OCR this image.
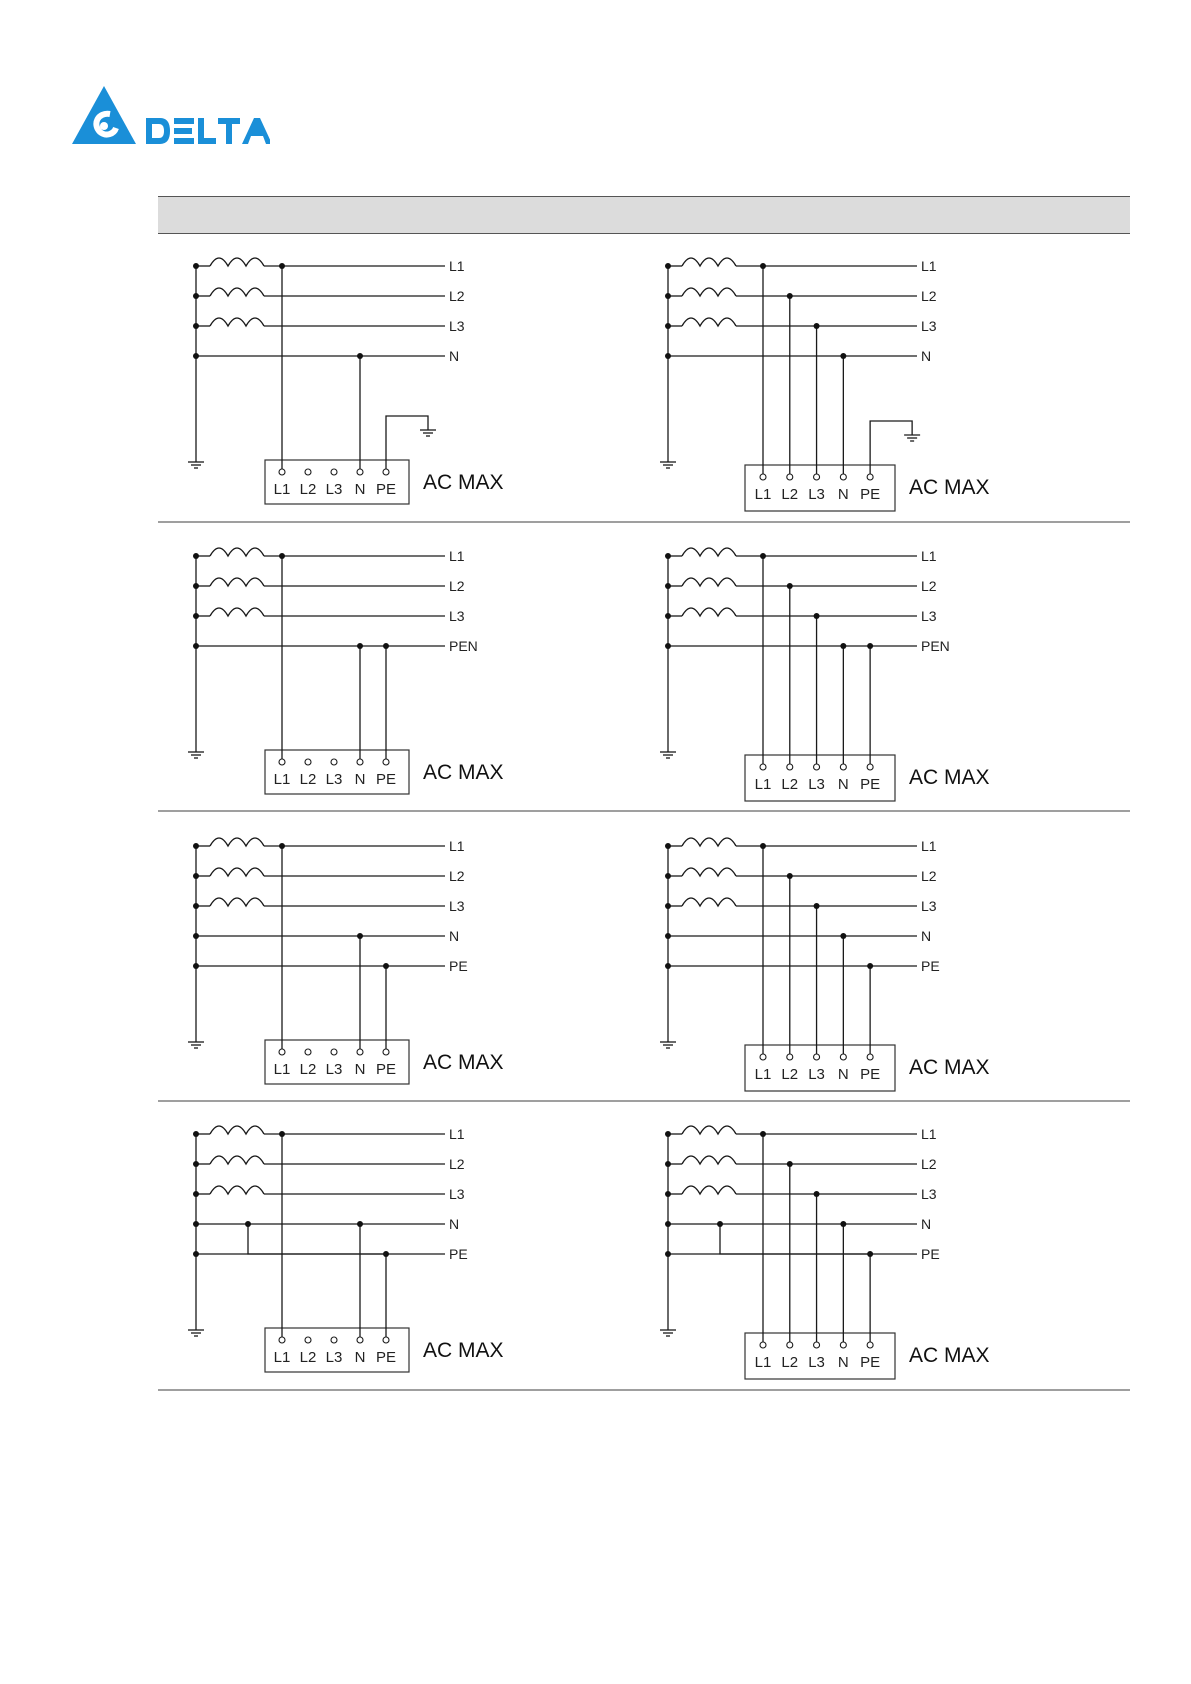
L1
L2
L3
N
AC MAX
L1 L2 L3 N PE
L1
L2
L3
N
AC MAX
L1 L2 L3 N PE
L1
L2
L3
PEN
AC MAX
L1 L2 L3 N PE
L1
L2
L3
PEN
AC MAX
L1 L2 L3 N PE
L1
L2
L3
N
PE
AC MAX
L1 L2 L3 N PE
L1
L2
L3
N
PE
AC MAX
L1 L2 L3 N PE
L1
L2
L3
N
PE
AC MAX
L1 L2 L3 N PE
L1
L2
L3
N
PE
AC MAX
L1 L2 L3 N PE
